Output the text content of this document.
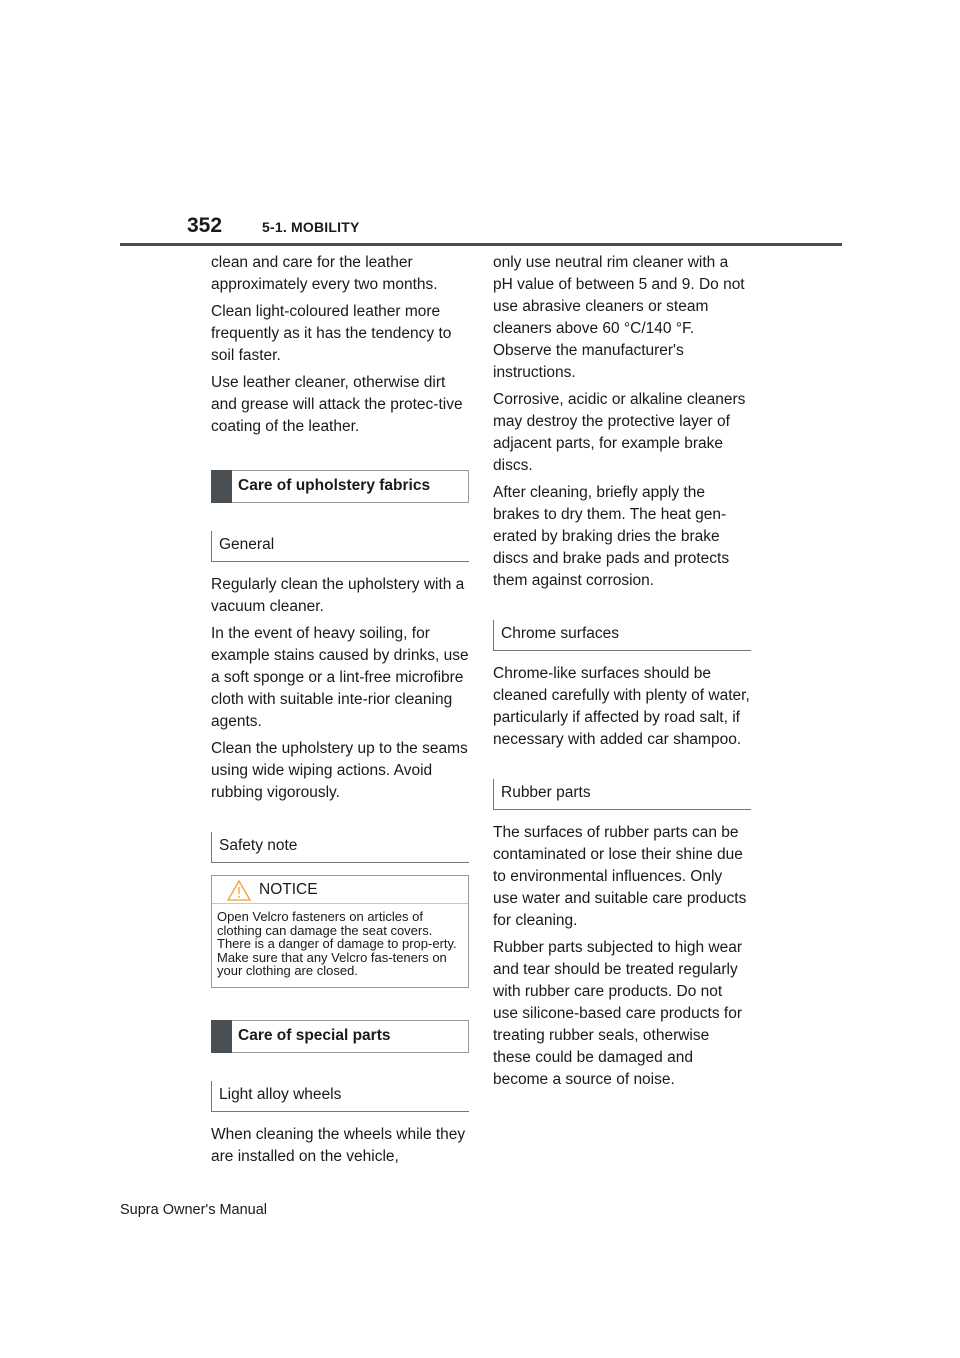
352	5-1. MOBILITY

clean and care for the leather approximately every two months.

Clean light-coloured leather more frequently as it has the tendency to soil faster.

Use leather cleaner, otherwise dirt and grease will attack the protec-tive coating of the leather.

Care of upholstery fabrics
General

Regularly clean the upholstery with a vacuum cleaner.

In the event of heavy soiling, for example stains caused by drinks, use a soft sponge or a lint-free microfibre cloth with suitable inte-rior cleaning agents.

Clean the upholstery up to the seams using wide wiping actions. Avoid rubbing vigorously.

Safety note
NOTICE
Open Velcro fasteners on articles of clothing can damage the seat covers. There is a danger of damage to prop-erty. Make sure that any Velcro fas-teners on your clothing are closed.
Care of special parts
Light alloy wheels

When cleaning the wheels while they are installed on the vehicle,

only use neutral rim cleaner with a pH value of between 5 and 9. Do not use abrasive cleaners or steam cleaners above 60 °C/140 °F. Observe the manufacturer's instructions.

Corrosive, acidic or alkaline cleaners may destroy the protective layer of adjacent parts, for example brake discs.

After cleaning, briefly apply the brakes to dry them. The heat gen-erated by braking dries the brake discs and brake pads and protects them against corrosion.

Chrome surfaces

Chrome-like surfaces should be cleaned carefully with plenty of water, particularly if affected by road salt, if necessary with added car shampoo.

Rubber parts

The surfaces of rubber parts can be contaminated or lose their shine due to environmental influences. Only use water and suitable care products for cleaning.

Rubber parts subjected to high wear and tear should be treated regularly with rubber care products. Do not use silicone-based care products for treating rubber seals, otherwise these could be damaged and become a source of noise.

Supra Owner's Manual
